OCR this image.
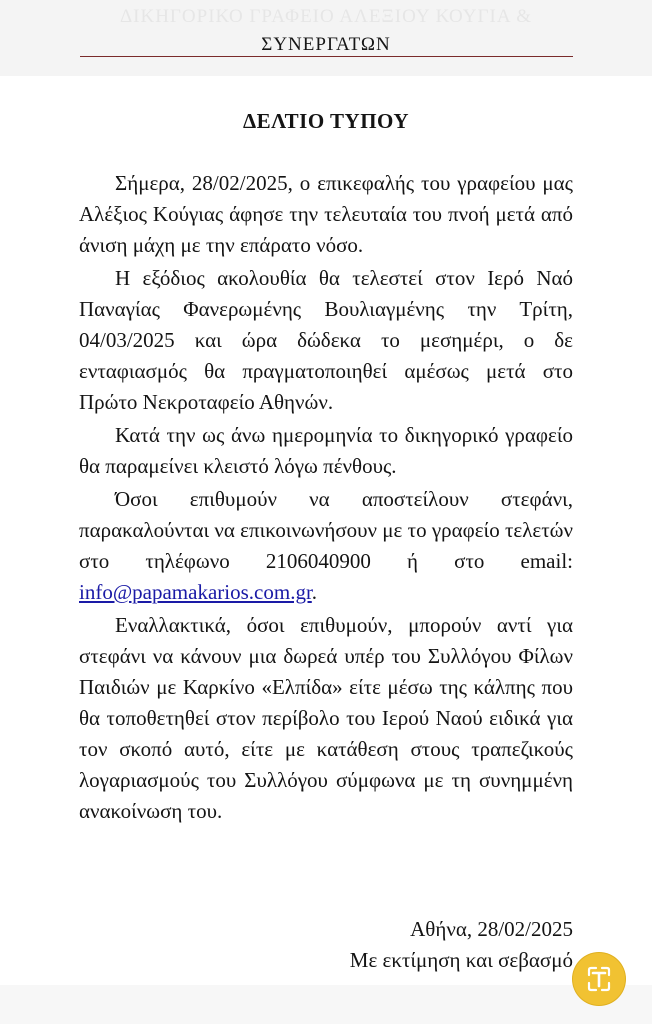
ΔΙΚΗΓΟΡΙΚΟ ΓΡΑΦΕΙΟ ΑΛΕΞΙΟΥ ΚΟΥΓΙΑ &
ΣΥΝΕΡΓΑΤΩΝ
ΔΕΛΤΙΟ ΤΥΠΟΥ

Σήμερα, 28/02/2025, ο επικεφαλής του γραφείου μας Αλέξιος Κούγιας άφησε την τελευταία του πνοή μετά από άνιση μάχη με την επάρατο νόσο.

Η εξόδιος ακολουθία θα τελεστεί στον Ιερό Ναό Παναγίας Φανερωμένης Βουλιαγμένης την Τρίτη, 04/03/2025 και ώρα δώδεκα το μεσημέρι, ο δε ενταφιασμός θα πραγματοποιηθεί αμέσως μετά στο Πρώτο Νεκροταφείο Αθηνών.

Κατά την ως άνω ημερομηνία το δικηγορικό γραφείο θα παραμείνει κλειστό λόγω πένθους.

Όσοι επιθυμούν να αποστείλουν στεφάνι, παρακαλούνται να επικοινωνήσουν με το γραφείο τελετών στο τηλέφωνο 2106040900 ή στο email: info@papamakarios.com.gr.

Εναλλακτικά, όσοι επιθυμούν, μπορούν αντί για στεφάνι να κάνουν μια δωρεά υπέρ του Συλλόγου Φίλων Παιδιών με Καρκίνο «Ελπίδα» είτε μέσω της κάλπης που θα τοποθετηθεί στον περίβολο του Ιερού Ναού ειδικά για τον σκοπό αυτό, είτε με κατάθεση στους τραπεζικούς λογαριασμούς του Συλλόγου σύμφωνα με τη συνημμένη ανακοίνωση του.

Αθήνα, 28/02/2025
Με εκτίμηση και σεβασμό
